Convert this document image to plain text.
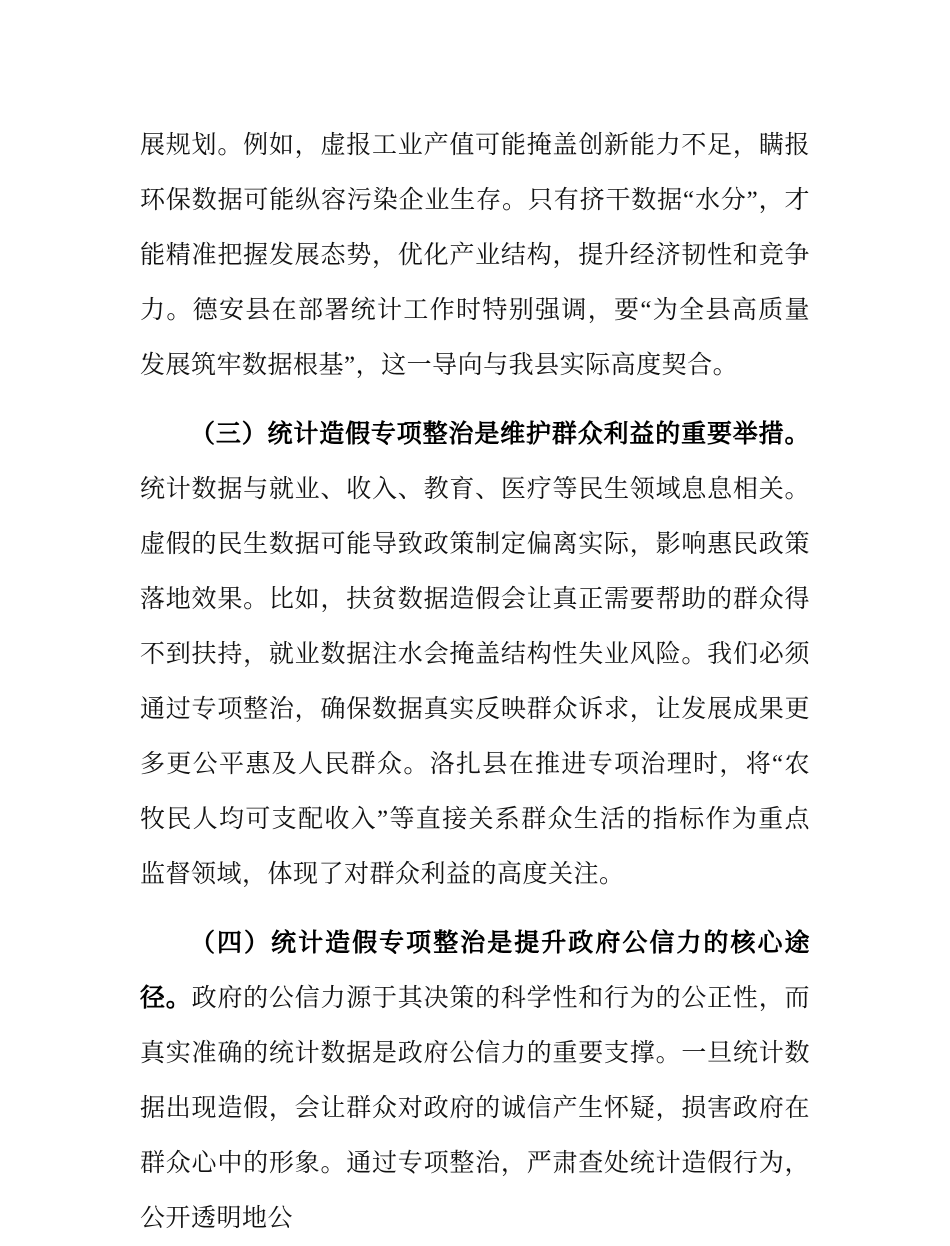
展规划。例如，虚报工业产值可能掩盖创新能力不足，瞒报环保数据可能纵容污染企业生存。只有挤干数据“水分”，才能精准把握发展态势，优化产业结构，提升经济韧性和竞争力。德安县在部署统计工作时特别强调，要“为全县高质量发展筑牢数据根基”，这一导向与我县实际高度契合。

（三）统计造假专项整治是维护群众利益的重要举措。统计数据与就业、收入、教育、医疗等民生领域息息相关。虚假的民生数据可能导致政策制定偏离实际，影响惠民政策落地效果。比如，扶贫数据造假会让真正需要帮助的群众得不到扶持，就业数据注水会掩盖结构性失业风险。我们必须通过专项整治，确保数据真实反映群众诉求，让发展成果更多更公平惠及人民群众。洛扎县在推进专项治理时，将“农牧民人均可支配收入”等直接关系群众生活的指标作为重点监督领域，体现了对群众利益的高度关注。

（四）统计造假专项整治是提升政府公信力的核心途径。政府的公信力源于其决策的科学性和行为的公正性，而真实准确的统计数据是政府公信力的重要支撑。一旦统计数据出现造假，会让群众对政府的诚信产生怀疑，损害政府在群众心中的形象。通过专项整治，严肃查处统计造假行为，公开透明地公
